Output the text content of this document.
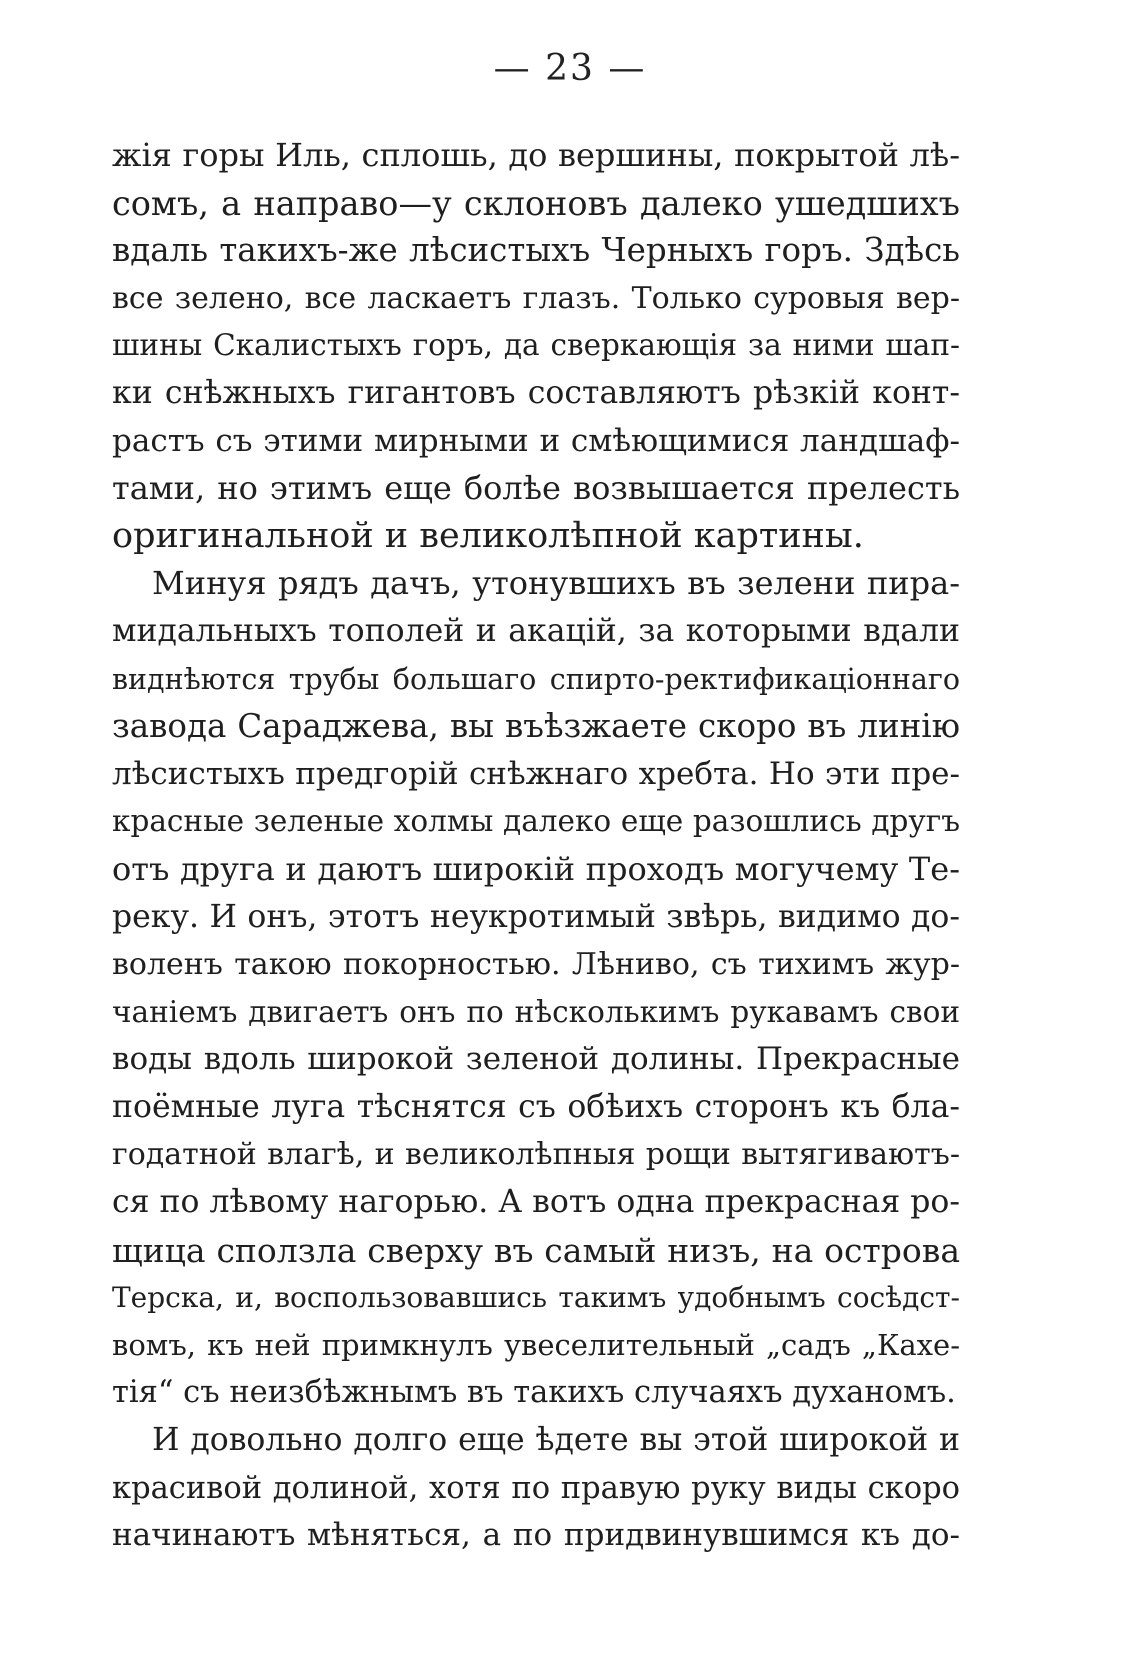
— 23 —
жія горы Иль, сплошь, до вершины, покрытой лѣ-
сомъ, а направо—у склоновъ далеко ушедшихъ
вдаль такихъ-же лѣсистыхъ Черныхъ горъ. Здѣсь
все зелено, все ласкаетъ глазъ. Только суровыя вер-
шины Скалистыхъ горъ, да сверкающія за ними шап-
ки снѣжныхъ гигантовъ составляютъ рѣзкій конт-
растъ съ этими мирными и смѣющимися ландшаф-
тами, но этимъ еще болѣе возвышается прелесть
оригинальной и великолѣпной картины.
Минуя рядъ дачъ, утонувшихъ въ зелени пира-
мидальныхъ тополей и акацій, за которыми вдали
виднѣются трубы большаго спирто-ректификаціоннаго
завода Сараджева, вы въѣзжаете скоро въ линію
лѣсистыхъ предгорій снѣжнаго хребта. Но эти пре-
красные зеленые холмы далеко еще разошлись другъ
отъ друга и даютъ широкій проходъ могучему Те-
реку. И онъ, этотъ неукротимый звѣрь, видимо до-
воленъ такою покорностью. Лѣниво, съ тихимъ жур-
чаніемъ двигаетъ онъ по нѣсколькимъ рукавамъ свои
воды вдоль широкой зеленой долины. Прекрасные
поёмные луга тѣснятся съ обѣихъ сторонъ къ бла-
годатной влагѣ, и великолѣпныя рощи вытягиваютъ-
ся по лѣвому нагорью. А вотъ одна прекрасная ро-
щица сползла сверху въ самый низъ, на острова
Терска, и, воспользовавшись такимъ удобнымъ сосѣдст-
вомъ, къ ней примкнулъ увеселительный „садъ „Кахе-
тія“ съ неизбѣжнымъ въ такихъ случаяхъ духаномъ.
И довольно долго еще ѣдете вы этой широкой и
красивой долиной, хотя по правую руку виды скоро
начинаютъ мѣняться, а по придвинувшимся къ до-
